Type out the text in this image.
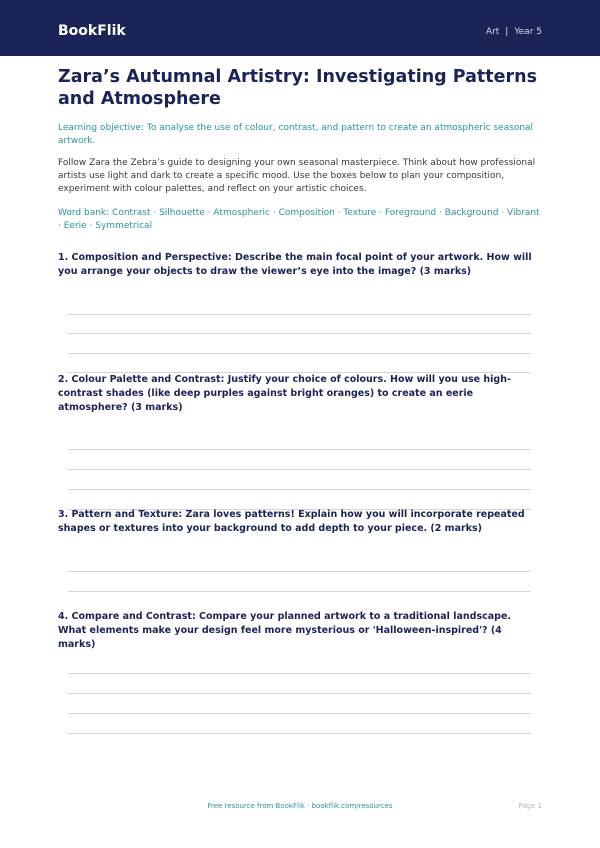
BookFlik	Art | Year 5
Zara’s Autumnal Artistry: Investigating Patterns and Atmosphere
Learning objective: To analyse the use of colour, contrast, and pattern to create an atmospheric seasonal artwork.
Follow Zara the Zebra’s guide to designing your own seasonal masterpiece. Think about how professional artists use light and dark to create a specific mood. Use the boxes below to plan your composition, experiment with colour palettes, and reflect on your artistic choices.
Word bank: Contrast · Silhouette · Atmospheric · Composition · Texture · Foreground · Background · Vibrant · Eerie · Symmetrical
1. Composition and Perspective: Describe the main focal point of your artwork. How will you arrange your objects to draw the viewer’s eye into the image? (3 marks)
2. Colour Palette and Contrast: Justify your choice of colours. How will you use high-contrast shades (like deep purples against bright oranges) to create an eerie atmosphere? (3 marks)
3. Pattern and Texture: Zara loves patterns! Explain how you will incorporate repeated shapes or textures into your background to add depth to your piece. (2 marks)
4. Compare and Contrast: Compare your planned artwork to a traditional landscape. What elements make your design feel more mysterious or 'Halloween-inspired'? (4 marks)
Free resource from BookFlik · bookflik.com/resources	Page 1
